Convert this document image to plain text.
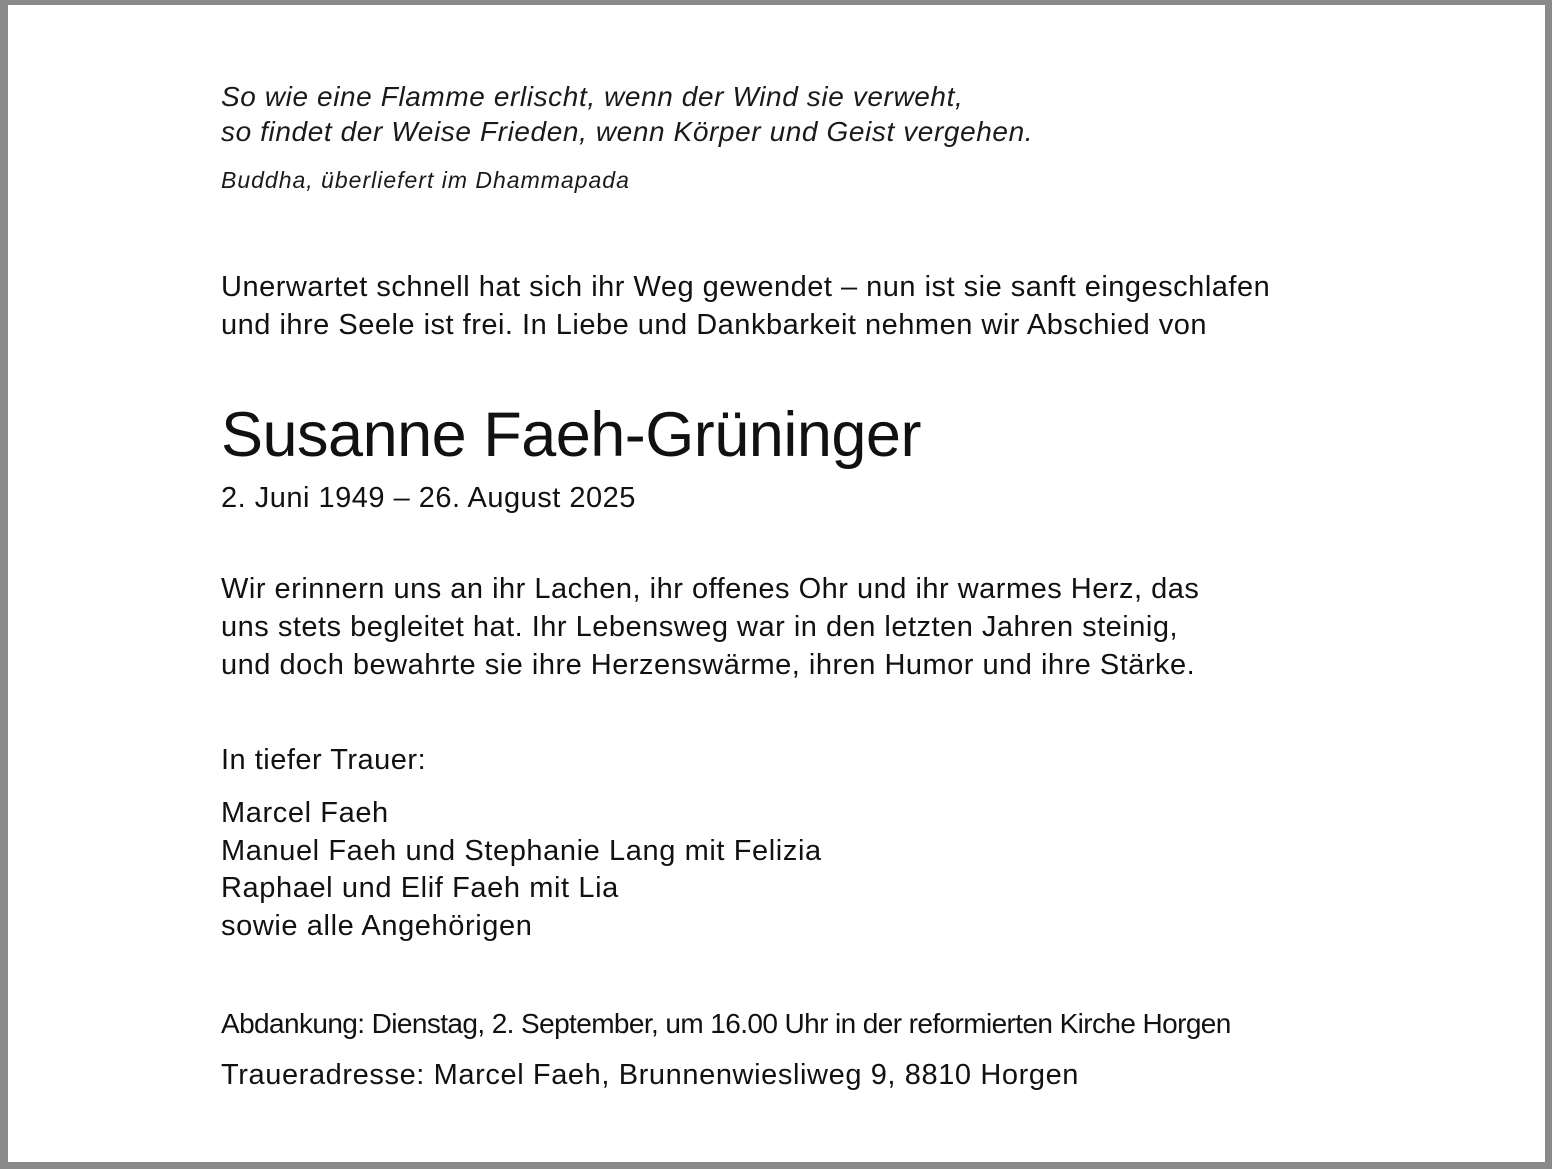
So wie eine Flamme erlischt, wenn der Wind sie verweht,

so findet der Weise Frieden, wenn Körper und Geist vergehen.

Buddha, überliefert im Dhammapada

Unerwartet schnell hat sich ihr Weg gewendet – nun ist sie sanft eingeschlafen

und ihre Seele ist frei. In Liebe und Dankbarkeit nehmen wir Abschied von

Susanne Faeh-Grüninger

2. Juni 1949 – 26. August 2025

Wir erinnern uns an ihr Lachen, ihr offenes Ohr und ihr warmes Herz, das

uns stets begleitet hat. Ihr Lebensweg war in den letzten Jahren steinig,

und doch bewahrte sie ihre Herzenswärme, ihren Humor und ihre Stärke.

In tiefer Trauer:

Marcel Faeh

Manuel Faeh und Stephanie Lang mit Felizia

Raphael und Elif Faeh mit Lia

sowie alle Angehörigen

Abdankung: Dienstag, 2. September, um 16.00 Uhr in der reformierten Kirche Horgen

Traueradresse: Marcel Faeh, Brunnenwiesliweg 9, 8810 Horgen
